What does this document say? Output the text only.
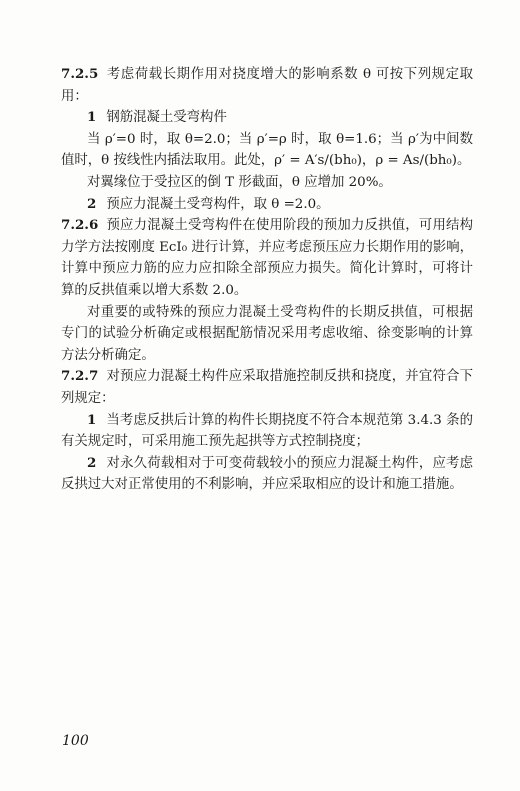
7.2.5 考虑荷载长期作用对挠度增大的影响系数 θ 可按下列规定取用：

1 钢筋混凝土受弯构件

当 ρ′=0 时，取 θ=2.0；当 ρ′=ρ 时，取 θ=1.6；当 ρ′为中间数值时，θ 按线性内插法取用。此处，ρ′ = A′s/(bh₀)，ρ = As/(bh₀)。

对翼缘位于受拉区的倒 T 形截面，θ 应增加 20%。

2 预应力混凝土受弯构件，取 θ =2.0。

7.2.6 预应力混凝土受弯构件在使用阶段的预加力反拱值，可用结构力学方法按刚度 EcI₀ 进行计算，并应考虑预压应力长期作用的影响，计算中预应力筋的应力应扣除全部预应力损失。简化计算时，可将计算的反拱值乘以增大系数 2.0。

对重要的或特殊的预应力混凝土受弯构件的长期反拱值，可根据专门的试验分析确定或根据配筋情况采用考虑收缩、徐变影响的计算方法分析确定。

7.2.7 对预应力混凝土构件应采取措施控制反拱和挠度，并宜符合下列规定：

1 当考虑反拱后计算的构件长期挠度不符合本规范第 3.4.3 条的有关规定时，可采用施工预先起拱等方式控制挠度；

2 对永久荷载相对于可变荷载较小的预应力混凝土构件，应考虑反拱过大对正常使用的不利影响，并应采取相应的设计和施工措施。

100
